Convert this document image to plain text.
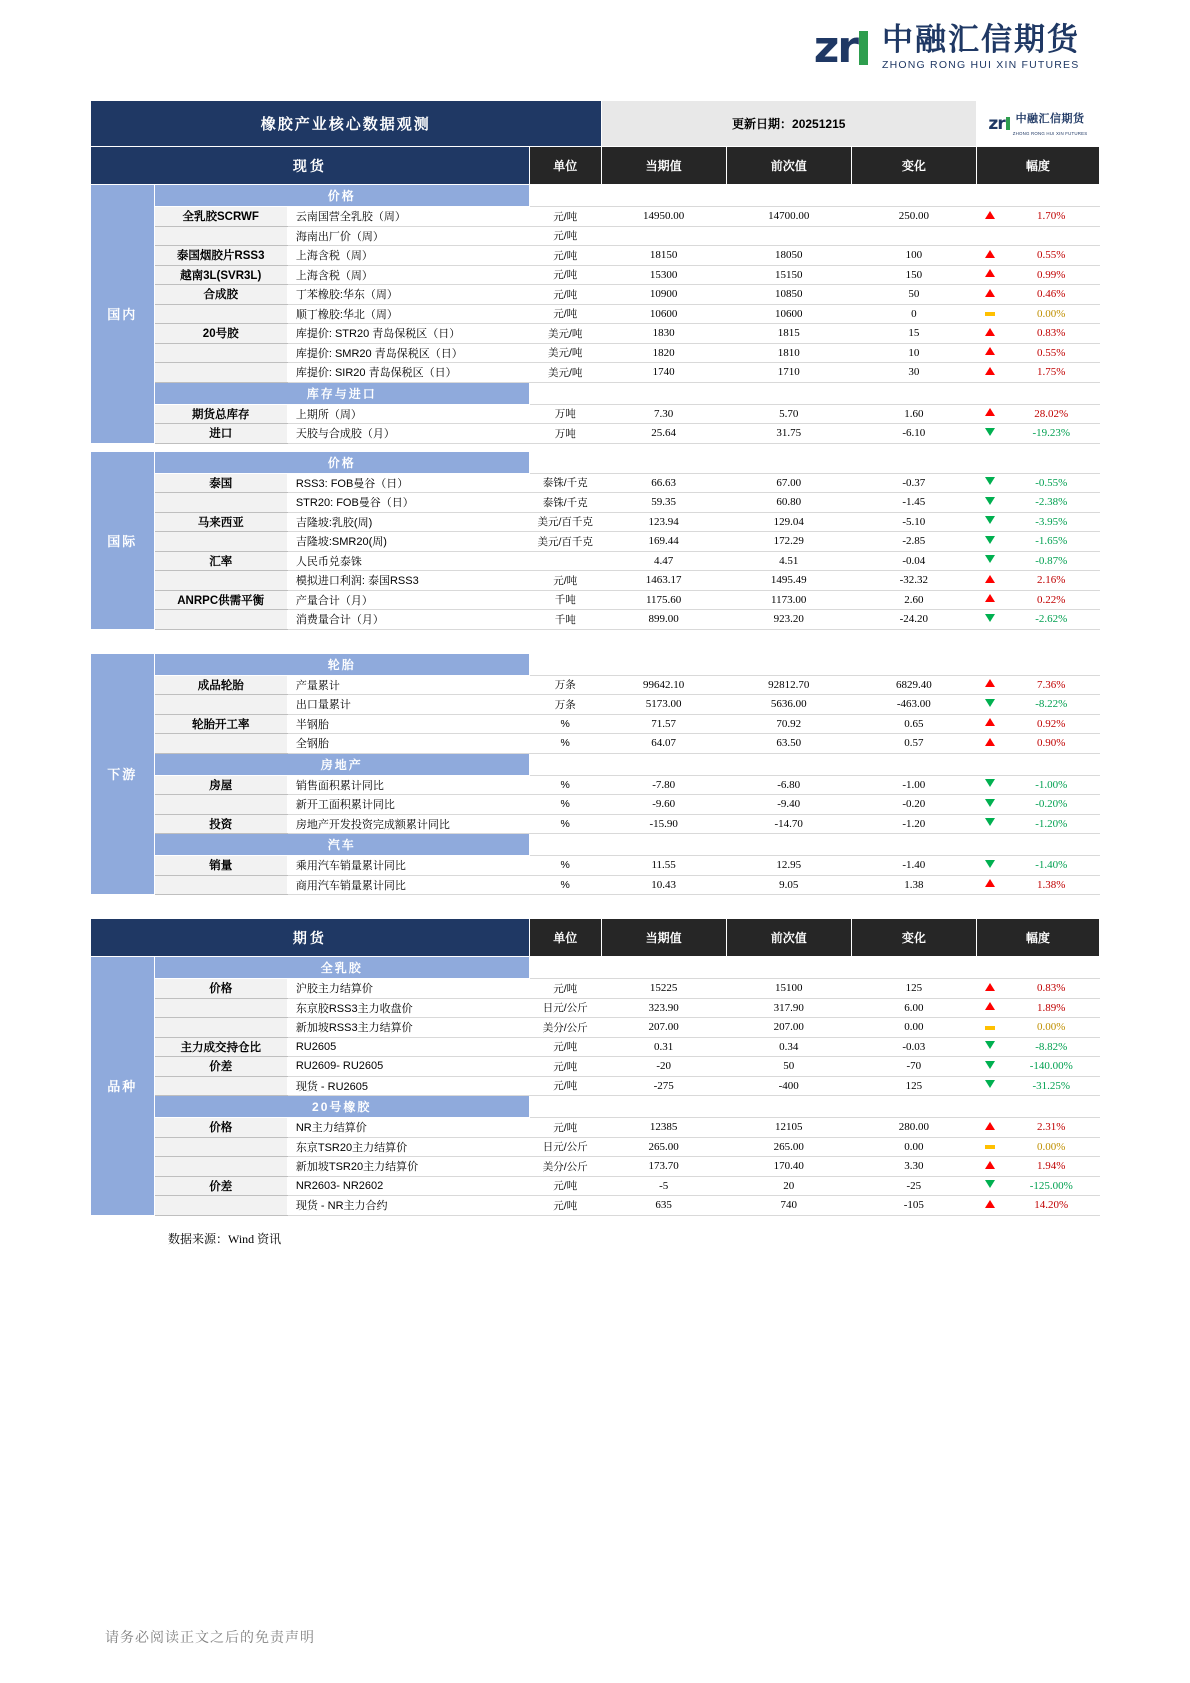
zr 中融汇信期货
ZHONG RONG HUI XIN FUTURES
橡胶产业核心数据观测				更新日期：20251215			zr 中融汇信期货
ZHONG RONG HUI XIN FUTURES	

现货			单位	当期值	前次值	变化	幅度	
国内	价格							
	全乳胶SCRWF	云南国营全乳胶（周）	元/吨	14950.00	14700.00	250.00		1.70%
		海南出厂价（周）	元/吨					
	泰国烟胶片RSS3	上海含税（周）	元/吨	18150	18050	100		0.55%
	越南3L(SVR3L)	上海含税（周）	元/吨	15300	15150	150		0.99%
	合成胶	丁苯橡胶:华东（周）	元/吨	10900	10850	50		0.46%
		顺丁橡胶:华北（周）	元/吨	10600	10600	0		0.00%
	20号胶	库提价: STR20 青岛保税区（日）	美元/吨	1830	1815	15		0.83%
		库提价: SMR20 青岛保税区（日）	美元/吨	1820	1810	10		0.55%
		库提价: SIR20 青岛保税区（日）	美元/吨	1740	1710	30		1.75%
	库存与进口							
	期货总库存	上期所（周）	万吨	7.30	5.70	1.60		28.02%
	进口	天胶与合成胶（月）	万吨	25.64	31.75	-6.10		-19.23%

国际	价格							
	泰国	RSS3: FOB曼谷（日）	泰铢/千克	66.63	67.00	-0.37		-0.55%
		STR20: FOB曼谷（日）	泰铢/千克	59.35	60.80	-1.45		-2.38%
	马来西亚	吉隆坡:乳胶(周)	美元/百千克	123.94	129.04	-5.10		-3.95%
		吉隆坡:SMR20(周)	美元/百千克	169.44	172.29	-2.85		-1.65%
	汇率	人民币兑泰铢		4.47	4.51	-0.04		-0.87%
		模拟进口利润: 泰国RSS3	元/吨	1463.17	1495.49	-32.32		2.16%
	ANRPC供需平衡	产量合计（月）	千吨	1175.60	1173.00	2.60		0.22%
		消费量合计（月）	千吨	899.00	923.20	-24.20		-2.62%

下游	轮胎							
	成品轮胎	产量累计	万条	99642.10	92812.70	6829.40		7.36%
		出口量累计	万条	5173.00	5636.00	-463.00		-8.22%
	轮胎开工率	半钢胎	%	71.57	70.92	0.65		0.92%
		全钢胎	%	64.07	63.50	0.57		0.90%
	房地产							
	房屋	销售面积累计同比	%	-7.80	-6.80	-1.00		-1.00%
		新开工面积累计同比	%	-9.60	-9.40	-0.20		-0.20%
	投资	房地产开发投资完成额累计同比	%	-15.90	-14.70	-1.20		-1.20%
	汽车							
	销量	乘用汽车销量累计同比	%	11.55	12.95	-1.40		-1.40%
		商用汽车销量累计同比	%	10.43	9.05	1.38		1.38%

期货			单位	当期值	前次值	变化	幅度	
品种	全乳胶							
	价格	沪胶主力结算价	元/吨	15225	15100	125		0.83%
		东京胶RSS3主力收盘价	日元/公斤	323.90	317.90	6.00		1.89%
		新加坡RSS3主力结算价	美分/公斤	207.00	207.00	0.00		0.00%
	主力成交持仓比	RU2605	元/吨	0.31	0.34	-0.03		-8.82%
	价差	RU2609- RU2605	元/吨	-20	50	-70		-140.00%
		现货 - RU2605	元/吨	-275	-400	125		-31.25%
	20号橡胶							
	价格	NR主力结算价	元/吨	12385	12105	280.00		2.31%
		东京TSR20主力结算价	日元/公斤	265.00	265.00	0.00		0.00%
		新加坡TSR20主力结算价	美分/公斤	173.70	170.40	3.30		1.94%
	价差	NR2603- NR2602	元/吨	-5	20	-25		-125.00%
		现货 - NR主力合约	元/吨	635	740	-105		14.20%
数据来源：Wind 资讯
请务必阅读正文之后的免责声明
